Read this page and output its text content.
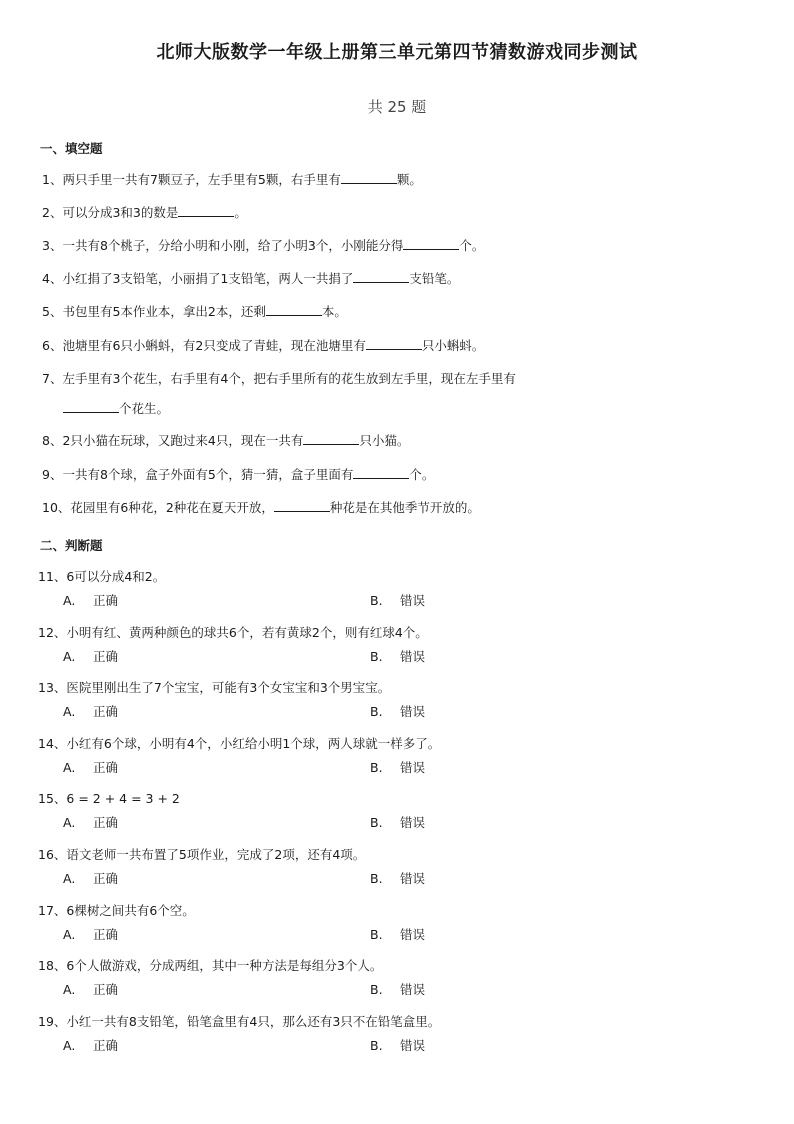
北师大版数学一年级上册第三单元第四节猜数游戏同步测试
共 25 题
一、填空题
1、两只手里一共有7颗豆子，左手里有5颗，右手里有	颗。
2、可以分成3和3的数是	。
3、一共有8个桃子，分给小明和小刚，给了小明3个，小刚能分得	个。
4、小红捐了3支铅笔，小丽捐了1支铅笔，两人一共捐了	支铅笔。
5、书包里有5本作业本，拿出2本，还剩	本。
6、池塘里有6只小蝌蚪，有2只变成了青蛙，现在池塘里有	只小蝌蚪。
7、左手里有3个花生，右手里有4个，把右手里所有的花生放到左手里，现在左手里有
个花生。
8、2只小猫在玩球，又跑过来4只，现在一共有	只小猫。
9、一共有8个球，盒子外面有5个，猜一猜，盒子里面有	个。
10、花园里有6种花，2种花在夏天开放，	种花是在其他季节开放的。
二、判断题
11、6可以分成4和2。
A. 正确	B. 错误
12、小明有红、黄两种颜色的球共6个，若有黄球2个，则有红球4个。
A. 正确	B. 错误
13、医院里刚出生了7个宝宝，可能有3个女宝宝和3个男宝宝。
A. 正确	B. 错误
14、小红有6个球，小明有4个，小红给小明1个球，两人球就一样多了。
A. 正确	B. 错误
15、6 = 2 + 4 = 3 + 2
A. 正确	B. 错误
16、语文老师一共布置了5项作业，完成了2项，还有4项。
A. 正确	B. 错误
17、6棵树之间共有6个空。
A. 正确	B. 错误
18、6个人做游戏，分成两组，其中一种方法是每组分3个人。
A. 正确	B. 错误
19、小红一共有8支铅笔，铅笔盒里有4只，那么还有3只不在铅笔盒里。
A. 正确	B. 错误
